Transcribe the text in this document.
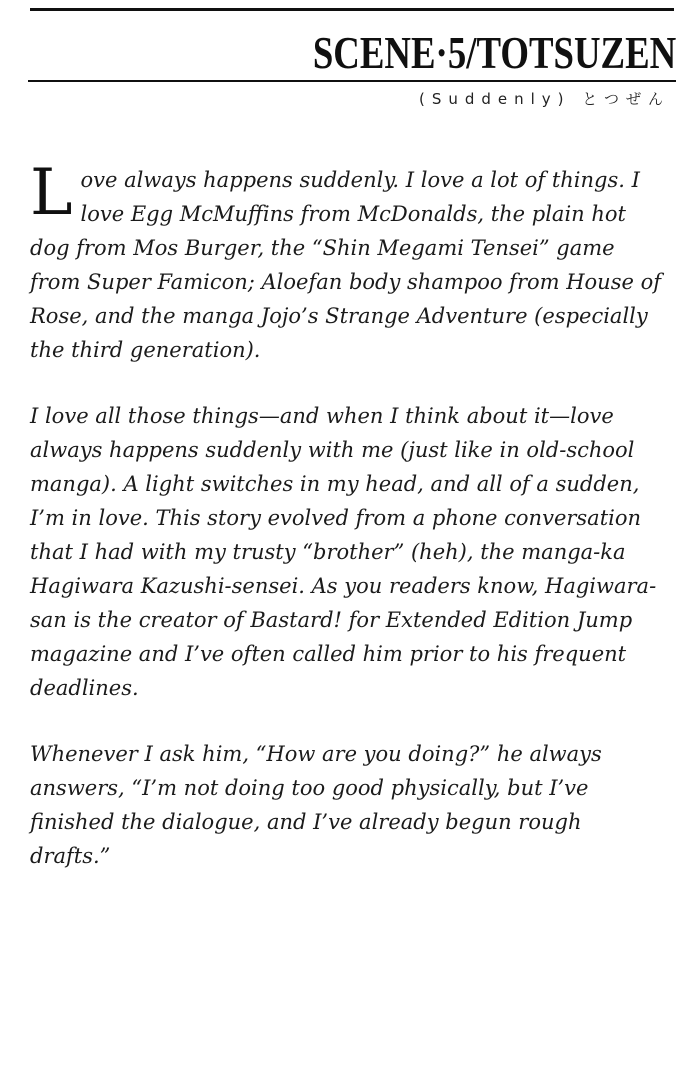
SCENE·5/TOTSUZEN
(Suddenly) とつぜん

Love always happens suddenly. I love a lot of things. I love Egg McMuffins from McDonalds, the plain hot dog from Mos Burger, the “Shin Megami Tensei” game from Super Famicon; Aloefan body shampoo from House of Rose, and the manga Jojo’s Strange Adventure (especially the third generation).

I love all those things—and when I think about it—love always happens suddenly with me (just like in old-school manga). A light switches in my head, and all of a sudden, I’m in love. This story evolved from a phone conversation that I had with my trusty “brother” (heh), the manga-ka Hagiwara Kazushi-sensei. As you readers know, Hagiwara-san is the creator of Bastard! for Extended Edition Jump magazine and I’ve often called him prior to his frequent deadlines.

Whenever I ask him, “How are you doing?” he always answers, “I’m not doing too good physically, but I’ve finished the dialogue, and I’ve already begun rough drafts.”
